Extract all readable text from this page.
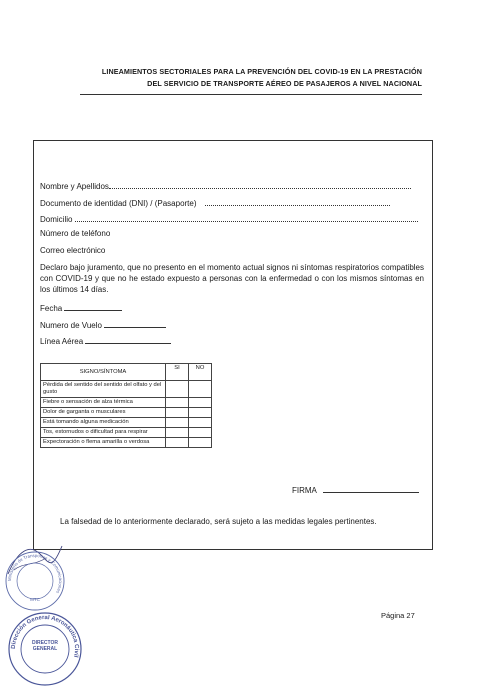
LINEAMIENTOS SECTORIALES PARA LA PREVENCIÓN DEL COVID-19 EN LA PRESTACIÓN
DEL SERVICIO DE TRANSPORTE AÉREO DE PASAJEROS A NIVEL NACIONAL
Nombre y Apellidos
Documento de identidad (DNI) / (Pasaporte)
Domicilio
Número de teléfono
Correo electrónico
Declaro bajo juramento, que no presento en el momento actual signos ni síntomas respiratorios compatibles con COVID-19 y que no he estado expuesto a personas con la enfermedad o con los mismos síntomas en los últimos 14 días.
Fecha
Numero de Vuelo
Línea Aérea
SIGNO/SÍNTOMA	SI	NO
Pérdida del sentido del sentido del olfato y del gusto		
Fiebre o sensación de alza térmica		
Dolor de garganta o musculares		
Está tomando alguna medicación		
Tos, estornudos o dificultad para respirar		
Expectoración o flema amarilla o verdosa		
FIRMA
La falsedad de lo anteriormente declarado, será sujeto a las medidas legales pertinentes.
Página 27
Ministerio de Transportes y Comunicaciones
MTC
Dirección General Aeronáutica Civil
DIRECTOR GENERAL
